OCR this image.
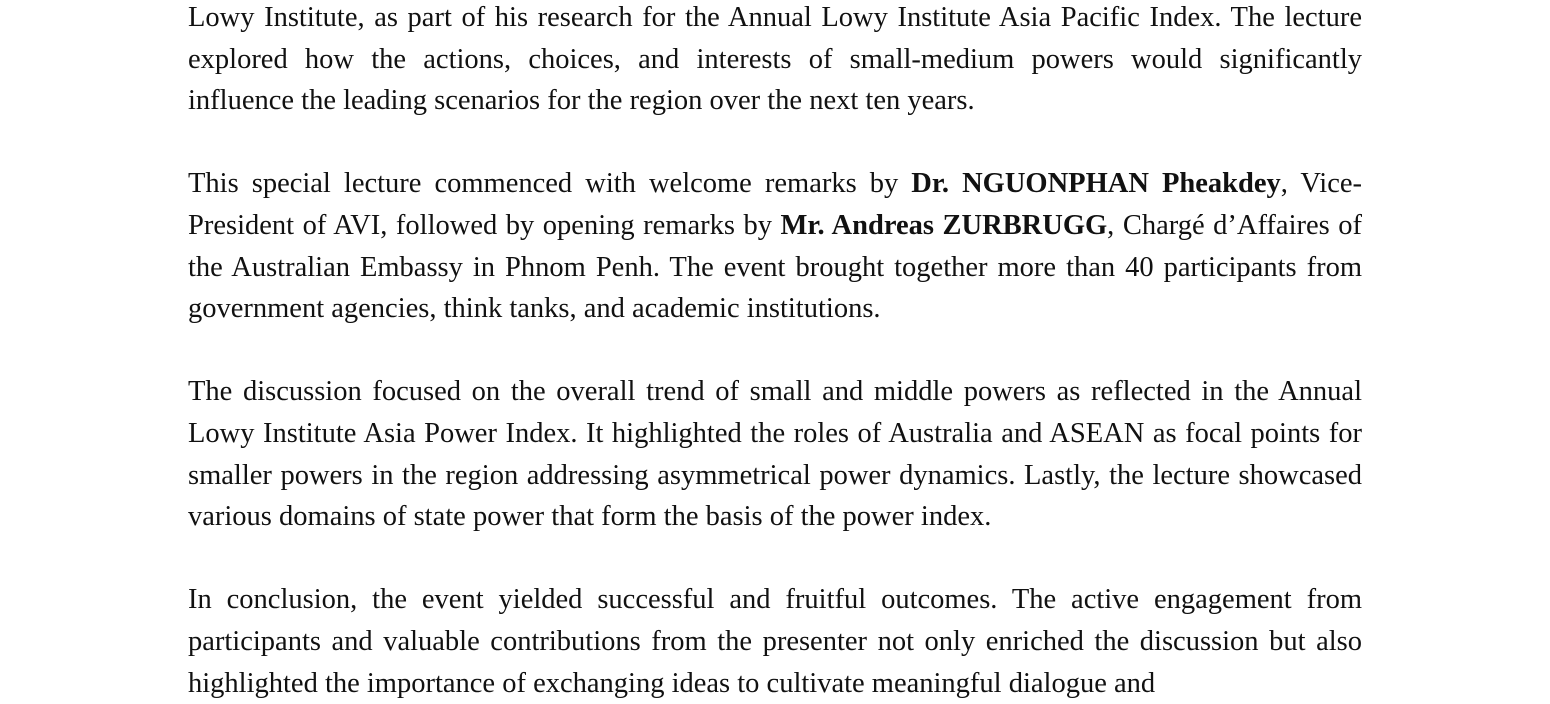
Lowy Institute, as part of his research for the Annual Lowy Institute Asia Pacific Index. The lecture explored how the actions, choices, and interests of small-medium powers would significantly influence the leading scenarios for the region over the next ten years.

This special lecture commenced with welcome remarks by Dr. NGUONPHAN Pheakdey, Vice-President of AVI, followed by opening remarks by Mr. Andreas ZURBRUGG, Chargé d’Affaires of the Australian Embassy in Phnom Penh. The event brought together more than 40 participants from government agencies, think tanks, and academic institutions.

The discussion focused on the overall trend of small and middle powers as reflected in the Annual Lowy Institute Asia Power Index. It highlighted the roles of Australia and ASEAN as focal points for smaller powers in the region addressing asymmetrical power dynamics. Lastly, the lecture showcased various domains of state power that form the basis of the power index.

In conclusion, the event yielded successful and fruitful outcomes. The active engagement from participants and valuable contributions from the presenter not only enriched the discussion but also highlighted the importance of exchanging ideas to cultivate meaningful dialogue and
